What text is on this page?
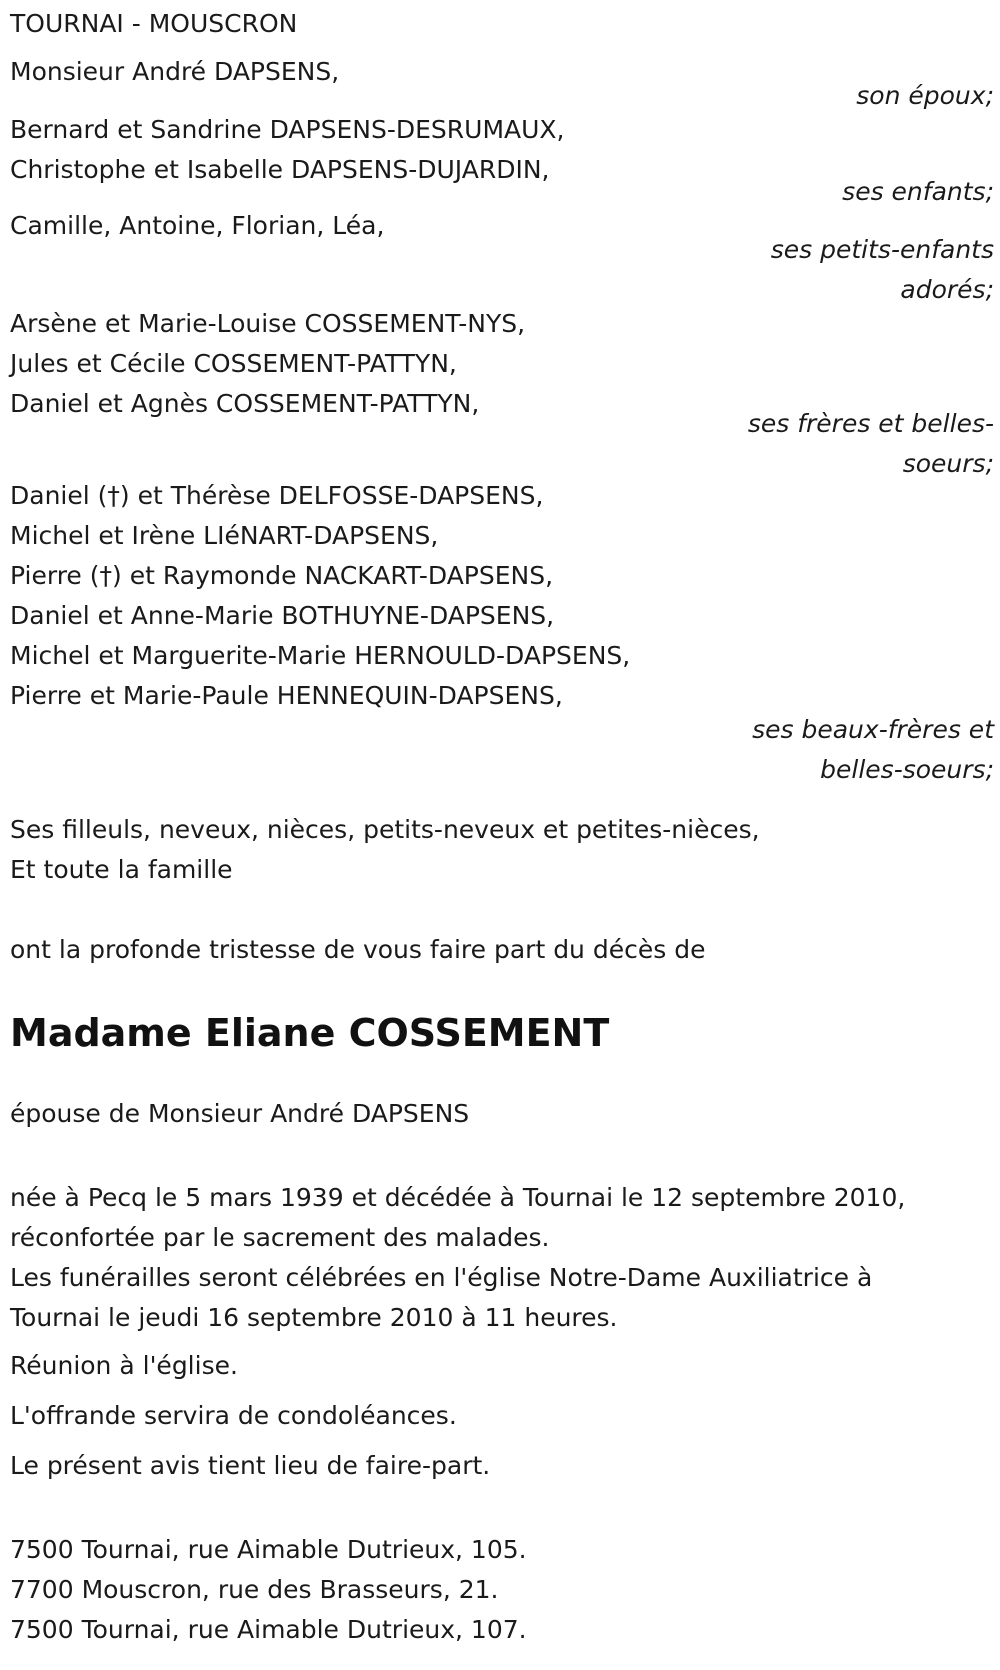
TOURNAI - MOUSCRON
Monsieur André DAPSENS,
son époux;
Bernard et Sandrine DAPSENS-DESRUMAUX,
Christophe et Isabelle DAPSENS-DUJARDIN,
ses enfants;
Camille, Antoine, Florian, Léa,
ses petits-enfants adorés;
Arsène et Marie-Louise COSSEMENT-NYS,
Jules et Cécile COSSEMENT-PATTYN,
Daniel et Agnès COSSEMENT-PATTYN,
ses frères et belles-soeurs;
Daniel (†) et Thérèse DELFOSSE-DAPSENS,
Michel et Irène LIéNART-DAPSENS,
Pierre (†) et Raymonde NACKART-DAPSENS,
Daniel et Anne-Marie BOTHUYNE-DAPSENS,
Michel et Marguerite-Marie HERNOULD-DAPSENS,
Pierre et Marie-Paule HENNEQUIN-DAPSENS,
ses beaux-frères et belles-soeurs;
Ses filleuls, neveux, nièces, petits-neveux et petites-nièces,
Et toute la famille
ont la profonde tristesse de vous faire part du décès de
Madame Eliane COSSEMENT
épouse de Monsieur André DAPSENS
née à Pecq le 5 mars 1939 et décédée à Tournai le 12 septembre 2010,
réconfortée par le sacrement des malades.
Les funérailles seront célébrées en l'église Notre-Dame Auxiliatrice à
Tournai le jeudi 16 septembre 2010 à 11 heures.
Réunion à l'église.
L'offrande servira de condoléances.
Le présent avis tient lieu de faire-part.
7500 Tournai, rue Aimable Dutrieux, 105.
7700 Mouscron, rue des Brasseurs, 21.
7500 Tournai, rue Aimable Dutrieux, 107.
